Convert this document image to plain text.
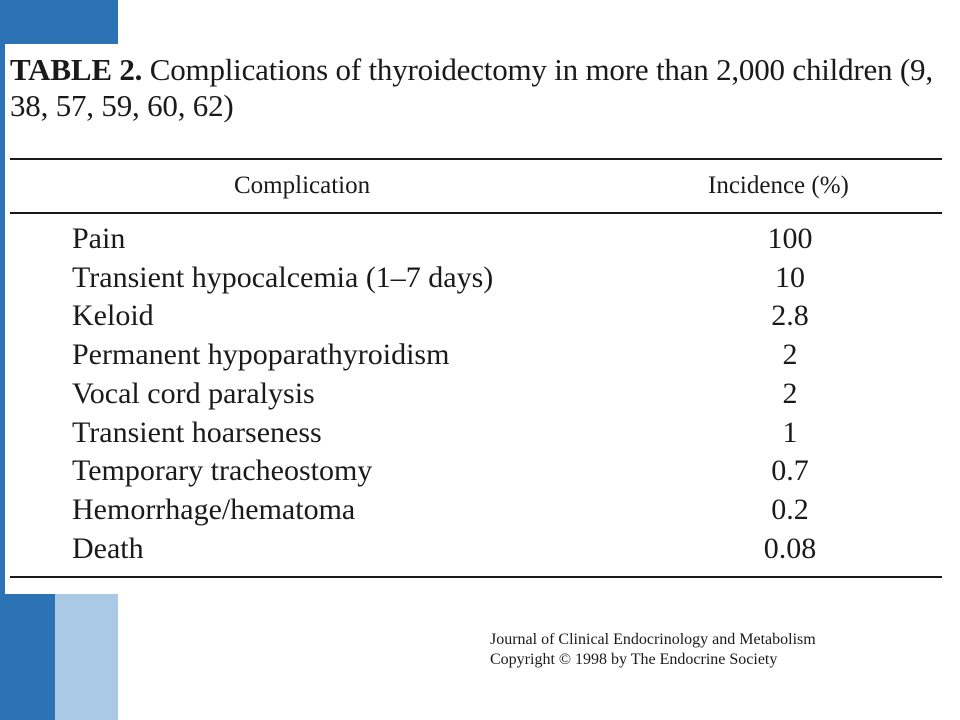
TABLE 2. Complications of thyroidectomy in more than 2,000 children (9, 38, 57, 59, 60, 62)
Complication	Incidence (%)
Pain	100
Transient hypocalcemia (1–7 days)	10
Keloid	2.8
Permanent hypoparathyroidism	2
Vocal cord paralysis	2
Transient hoarseness	1
Temporary tracheostomy	0.7
Hemorrhage/hematoma	0.2
Death	0.08
Journal of Clinical Endocrinology and Metabolism
Copyright © 1998 by The Endocrine Society
